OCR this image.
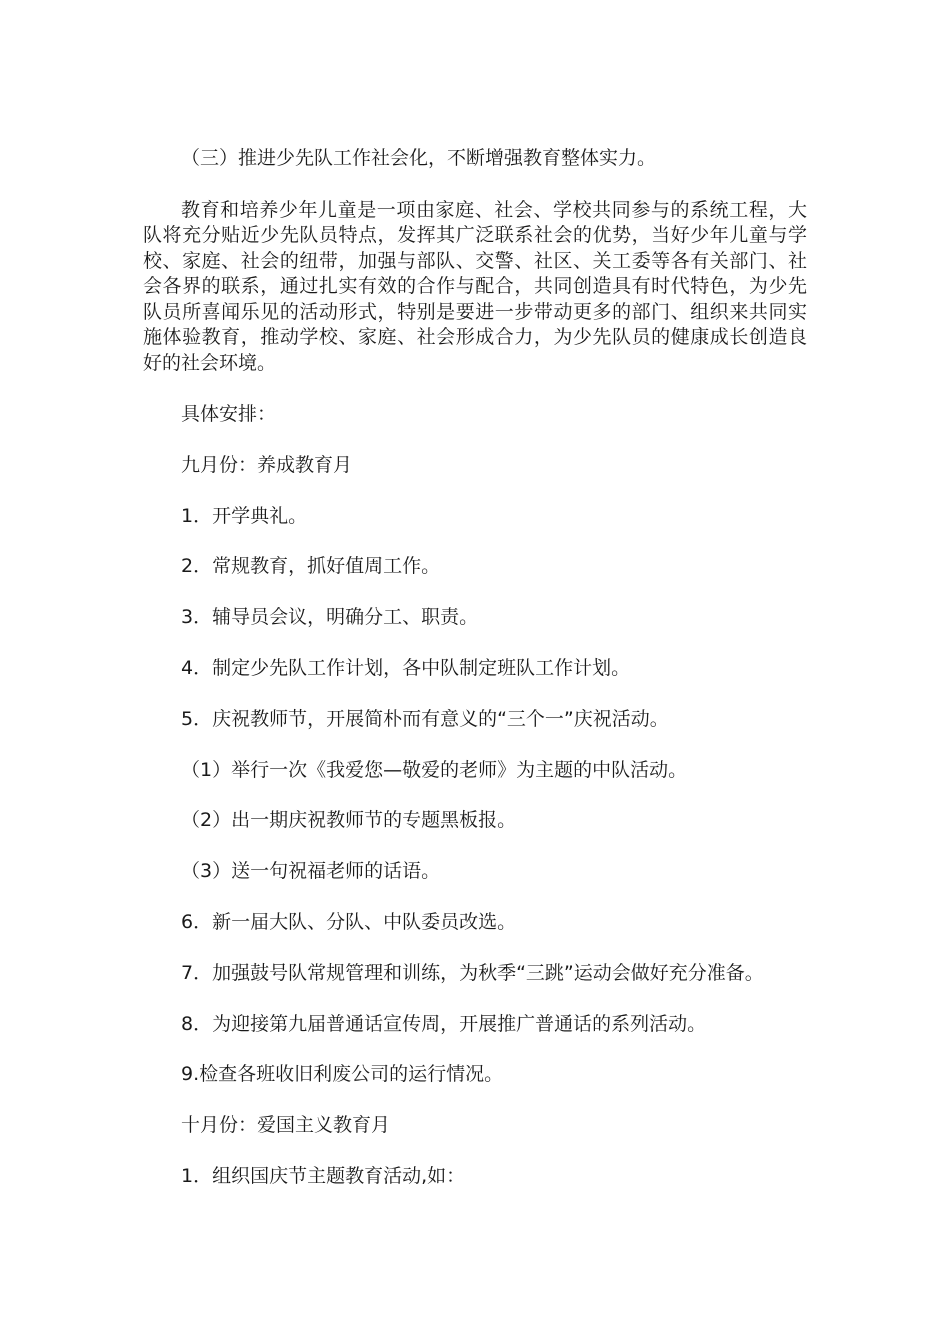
（三）推进少先队工作社会化，不断增强教育整体实力。

教育和培养少年儿童是一项由家庭、社会、学校共同参与的系统工程，大队将充分贴近少先队员特点，发挥其广泛联系社会的优势，当好少年儿童与学校、家庭、社会的纽带，加强与部队、交警、社区、关工委等各有关部门、社会各界的联系，通过扎实有效的合作与配合，共同创造具有时代特色，为少先队员所喜闻乐见的活动形式，特别是要进一步带动更多的部门、组织来共同实施体验教育，推动学校、家庭、社会形成合力，为少先队员的健康成长创造良好的社会环境。

具体安排：

九月份：养成教育月

1．开学典礼。

2．常规教育，抓好值周工作。

3．辅导员会议，明确分工、职责。

4．制定少先队工作计划，各中队制定班队工作计划。

5．庆祝教师节，开展简朴而有意义的“三个一”庆祝活动。

（1）举行一次《我爱您—敬爱的老师》为主题的中队活动。

（2）出一期庆祝教师节的专题黑板报。

（3）送一句祝福老师的话语。

6．新一届大队、分队、中队委员改选。

7．加强鼓号队常规管理和训练，为秋季“三跳”运动会做好充分准备。

8．为迎接第九届普通话宣传周，开展推广普通话的系列活动。

9.检查各班收旧利废公司的运行情况。

十月份：爱国主义教育月

1．组织国庆节主题教育活动,如：
